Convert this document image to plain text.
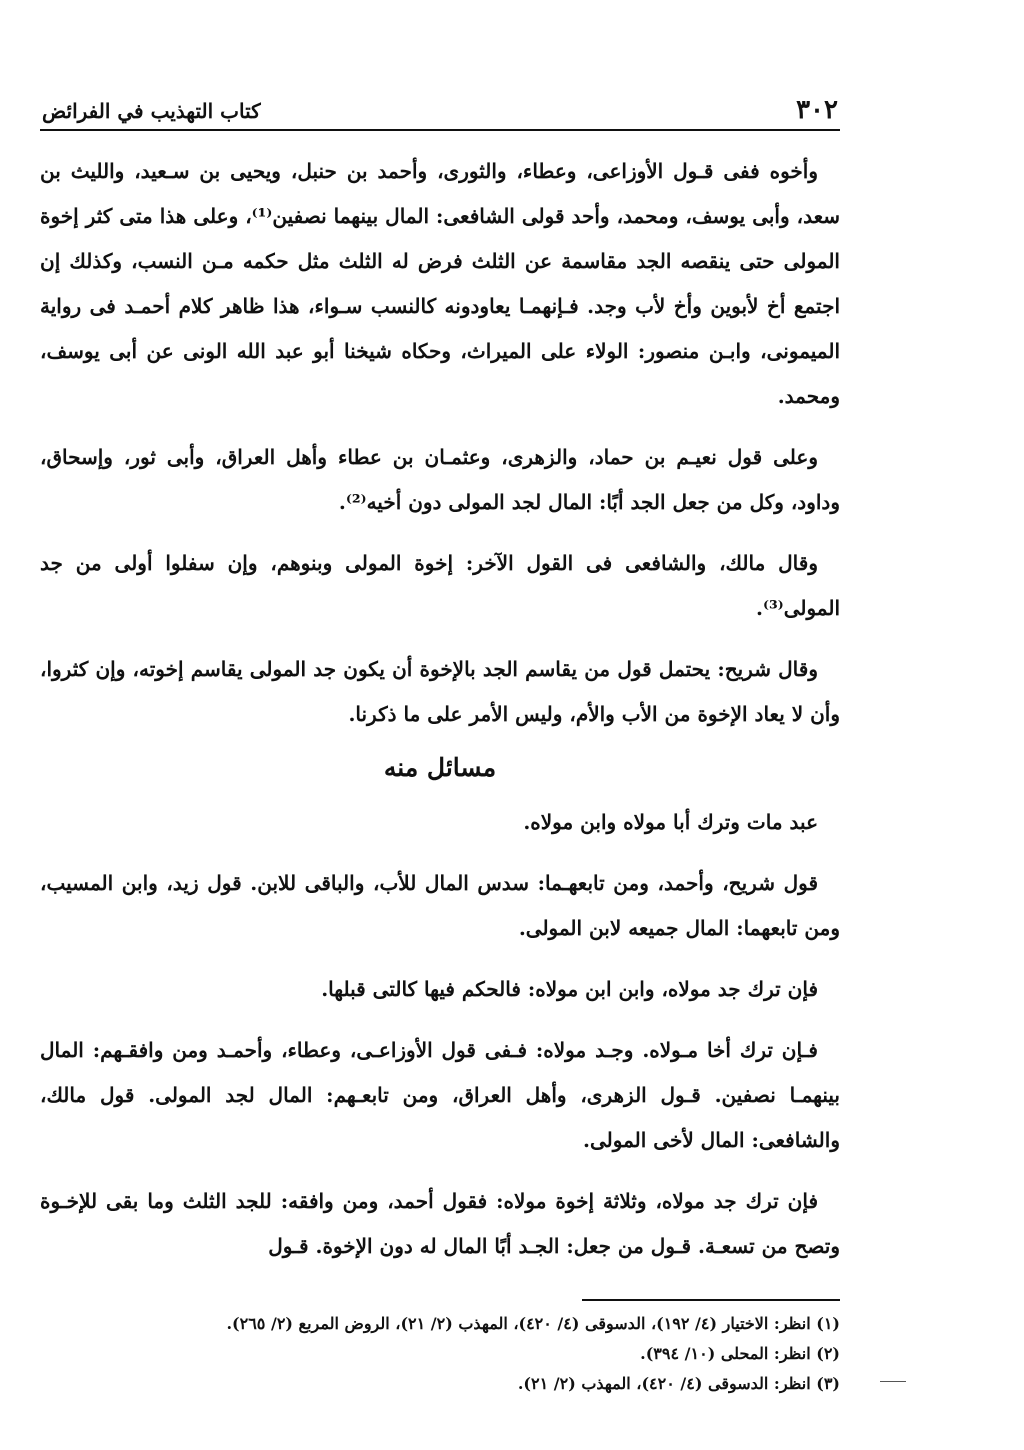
٣٠٢
كتاب التهذيب في الفرائض

وأخوه ففى قـول الأوزاعى، وعطاء، والثورى، وأحمد بن حنبل، ويحيى بن سـعيد، والليث بن سعد، وأبى يوسف، ومحمد، وأحد قولى الشافعى: المال بينهما نصفين⁽¹⁾، وعلى هذا متى كثر إخوة المولى حتى ينقصه الجد مقاسمة عن الثلث فرض له الثلث مثل حكمه مـن النسب، وكذلك إن اجتمع أخ لأبوين وأخ لأب وجد. فـإنهمـا يعاودونه كالنسب سـواء، هذا ظاهر كلام أحمـد فى رواية الميمونى، وابـن منصور: الولاء على الميراث، وحكاه شيخنا أبو عبد الله الونى عن أبى يوسف، ومحمد.

وعلى قول نعيـم بن حماد، والزهرى، وعثمـان بن عطاء وأهل العراق، وأبى ثور، وإسحاق، وداود، وكل من جعل الجد أبًا: المال لجد المولى دون أخيه⁽²⁾.

وقال مالك، والشافعى فى القول الآخر: إخوة المولى وبنوهم، وإن سفلوا أولى من جد المولى⁽³⁾.

وقال شريح: يحتمل قول من يقاسم الجد بالإخوة أن يكون جد المولى يقاسم إخوته، وإن كثروا، وأن لا يعاد الإخوة من الأب والأم، وليس الأمر على ما ذكرنا.

مسائل منه

عبد مات وترك أبا مولاه وابن مولاه.

قول شريح، وأحمد، ومن تابعهـما: سدس المال للأب، والباقى للابن. قول زيد، وابن المسيب، ومن تابعهما: المال جميعه لابن المولى.

فإن ترك جد مولاه، وابن ابن مولاه: فالحكم فيها كالتى قبلها.

فـإن ترك أخا مـولاه. وجـد مولاه: فـفى قول الأوزاعـى، وعطاء، وأحمـد ومن وافقـهم: المال بينهمـا نصفين. قـول الزهرى، وأهل العراق، ومن تابعـهم: المال لجد المولى. قول مالك، والشافعى: المال لأخى المولى.

فإن ترك جد مولاه، وثلاثة إخوة مولاه: فقول أحمد، ومن وافقه: للجد الثلث وما بقى للإخـوة وتصح من تسعـة. قـول من جعل: الجـد أبًا المال له دون الإخوة. قـول

(١) انظر: الاختيار (٤/ ١٩٢)، الدسوقى (٤/ ٤٢٠)، المهذب (٢/ ٢١)، الروض المربع (٢/ ٢٦٥).

(٢) انظر: المحلى (١٠/ ٣٩٤).

(٣) انظر: الدسوقى (٤/ ٤٢٠)، المهذب (٢/ ٢١).
